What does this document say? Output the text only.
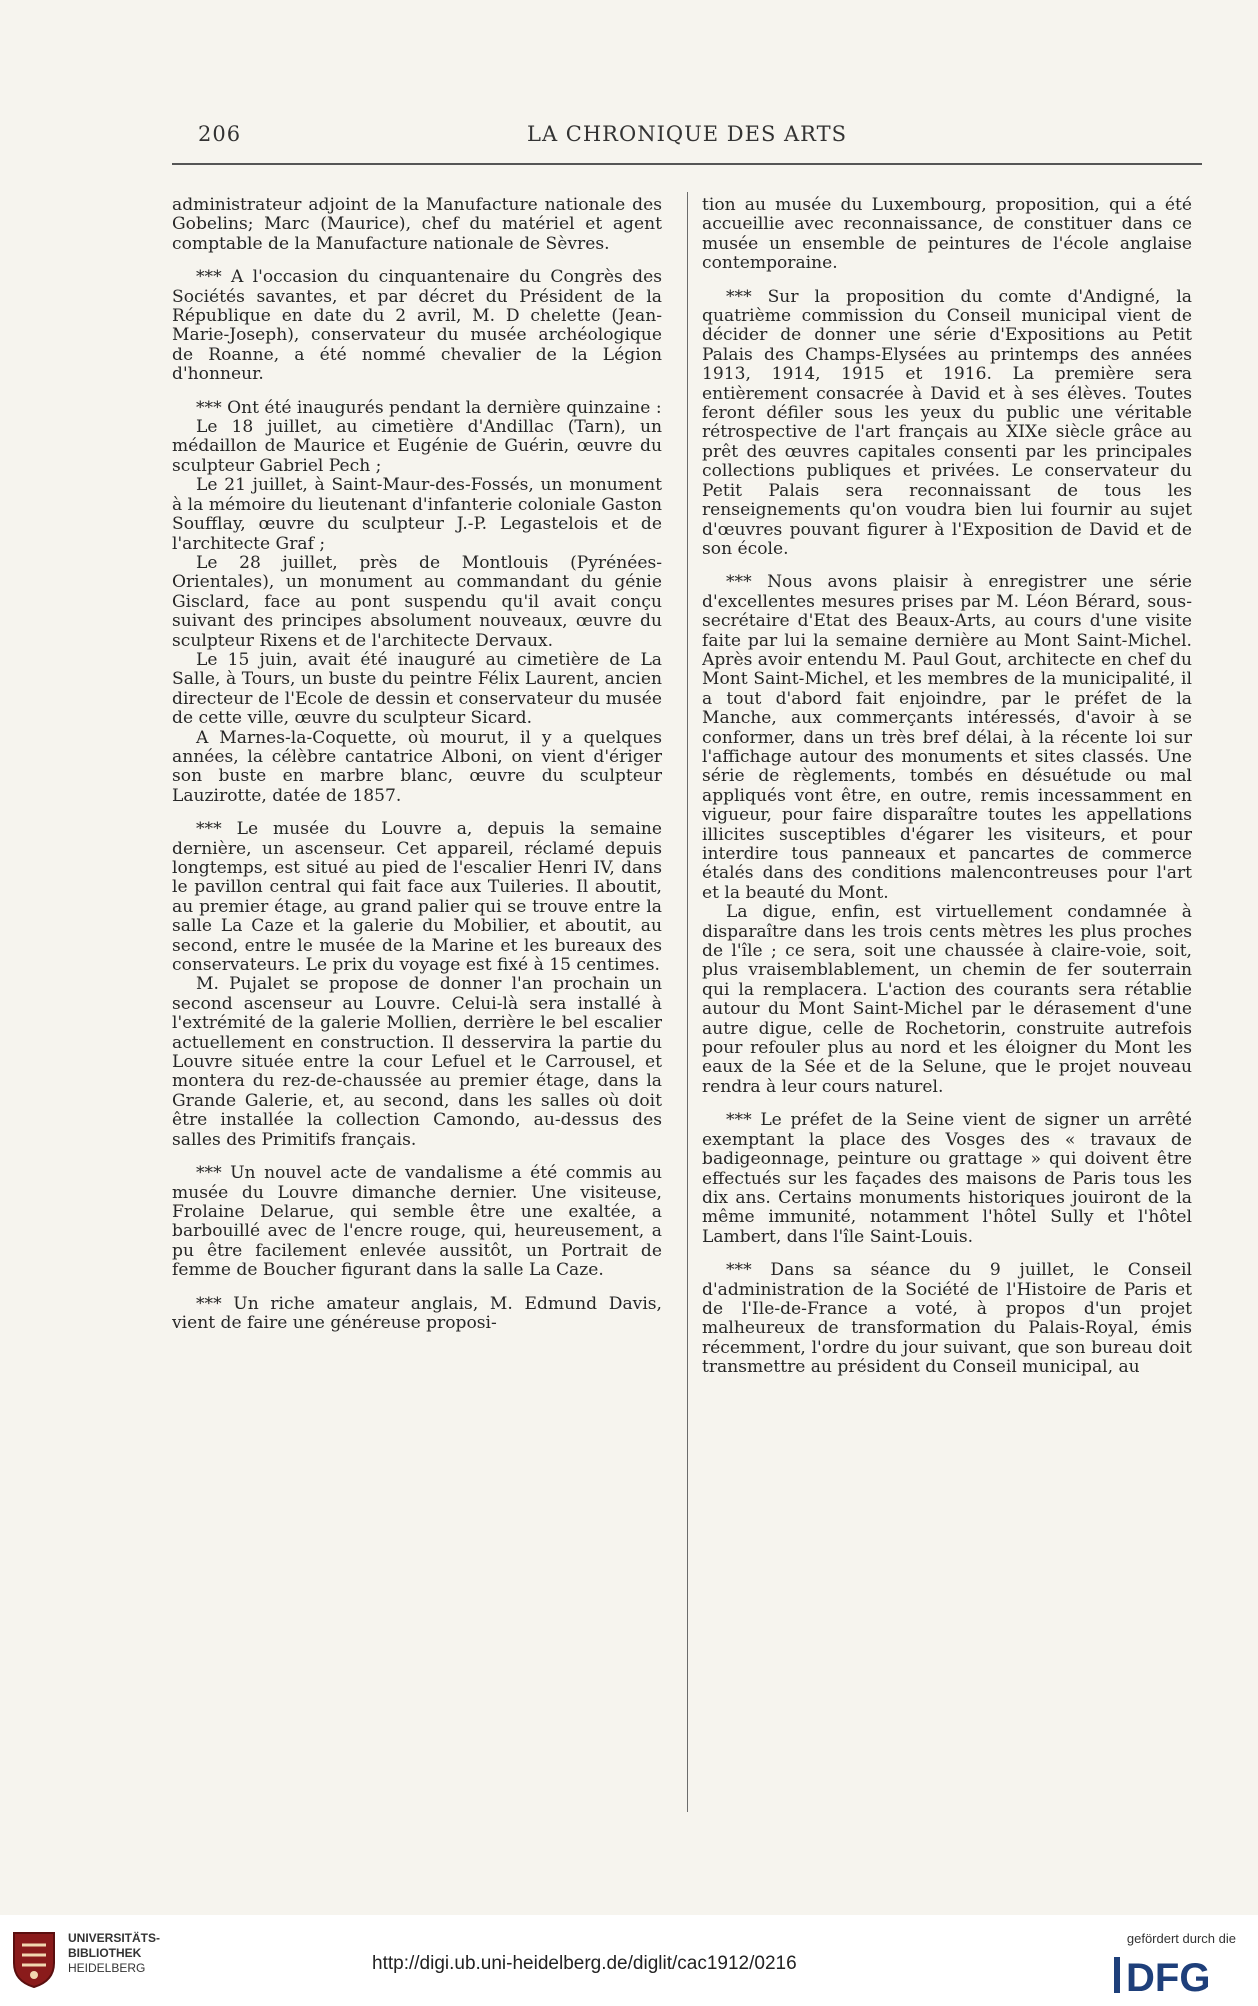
206	LA CHRONIQUE DES ARTS

administrateur adjoint de la Manufacture nationale des Gobelins; Marc (Maurice), chef du matériel et agent comptable de la Manufacture nationale de Sèvres.

*** A l'occasion du cinquantenaire du Congrès des Sociétés savantes, et par décret du Président de la République en date du 2 avril, M. D chelette (Jean-Marie-Joseph), conservateur du musée archéologique de Roanne, a été nommé chevalier de la Légion d'honneur.

*** Ont été inaugurés pendant la dernière quinzaine :

Le 18 juillet, au cimetière d'Andillac (Tarn), un médaillon de Maurice et Eugénie de Guérin, œuvre du sculpteur Gabriel Pech ;

Le 21 juillet, à Saint-Maur-des-Fossés, un monument à la mémoire du lieutenant d'infanterie coloniale Gaston Soufflay, œuvre du sculpteur J.-P. Legastelois et de l'architecte Graf ;

Le 28 juillet, près de Montlouis (Pyrénées-Orientales), un monument au commandant du génie Gisclard, face au pont suspendu qu'il avait conçu suivant des principes absolument nouveaux, œuvre du sculpteur Rixens et de l'architecte Dervaux.

Le 15 juin, avait été inauguré au cimetière de La Salle, à Tours, un buste du peintre Félix Laurent, ancien directeur de l'Ecole de dessin et conservateur du musée de cette ville, œuvre du sculpteur Sicard.

A Marnes-la-Coquette, où mourut, il y a quelques années, la célèbre cantatrice Alboni, on vient d'ériger son buste en marbre blanc, œuvre du sculpteur Lauzirotte, datée de 1857.

*** Le musée du Louvre a, depuis la semaine dernière, un ascenseur. Cet appareil, réclamé depuis longtemps, est situé au pied de l'escalier Henri IV, dans le pavillon central qui fait face aux Tuileries. Il aboutit, au premier étage, au grand palier qui se trouve entre la salle La Caze et la galerie du Mobilier, et aboutit, au second, entre le musée de la Marine et les bureaux des conservateurs. Le prix du voyage est fixé à 15 centimes.

M. Pujalet se propose de donner l'an prochain un second ascenseur au Louvre. Celui-là sera installé à l'extrémité de la galerie Mollien, derrière le bel escalier actuellement en construction. Il desservira la partie du Louvre située entre la cour Lefuel et le Carrousel, et montera du rez-de-chaussée au premier étage, dans la Grande Galerie, et, au second, dans les salles où doit être installée la collection Camondo, au-dessus des salles des Primitifs français.

*** Un nouvel acte de vandalisme a été commis au musée du Louvre dimanche dernier. Une visiteuse, Frolaine Delarue, qui semble être une exaltée, a barbouillé avec de l'encre rouge, qui, heureusement, a pu être facilement enlevée aussitôt, un Portrait de femme de Boucher figurant dans la salle La Caze.

*** Un riche amateur anglais, M. Edmund Davis, vient de faire une généreuse proposi-

tion au musée du Luxembourg, proposition, qui a été accueillie avec reconnaissance, de constituer dans ce musée un ensemble de peintures de l'école anglaise contemporaine.

*** Sur la proposition du comte d'Andigné, la quatrième commission du Conseil municipal vient de décider de donner une série d'Expositions au Petit Palais des Champs-Elysées au printemps des années 1913, 1914, 1915 et 1916. La première sera entièrement consacrée à David et à ses élèves. Toutes feront défiler sous les yeux du public une véritable rétrospective de l'art français au XIXe siècle grâce au prêt des œuvres capitales consenti par les principales collections publiques et privées. Le conservateur du Petit Palais sera reconnaissant de tous les renseignements qu'on voudra bien lui fournir au sujet d'œuvres pouvant figurer à l'Exposition de David et de son école.

*** Nous avons plaisir à enregistrer une série d'excellentes mesures prises par M. Léon Bérard, sous-secrétaire d'Etat des Beaux-Arts, au cours d'une visite faite par lui la semaine dernière au Mont Saint-Michel. Après avoir entendu M. Paul Gout, architecte en chef du Mont Saint-Michel, et les membres de la municipalité, il a tout d'abord fait enjoindre, par le préfet de la Manche, aux commerçants intéressés, d'avoir à se conformer, dans un très bref délai, à la récente loi sur l'affichage autour des monuments et sites classés. Une série de règlements, tombés en désuétude ou mal appliqués vont être, en outre, remis incessamment en vigueur, pour faire disparaître toutes les appellations illicites susceptibles d'égarer les visiteurs, et pour interdire tous panneaux et pancartes de commerce étalés dans des conditions malencontreuses pour l'art et la beauté du Mont.

La digue, enfin, est virtuellement condamnée à disparaître dans les trois cents mètres les plus proches de l'île ; ce sera, soit une chaussée à claire-voie, soit, plus vraisemblablement, un chemin de fer souterrain qui la remplacera. L'action des courants sera rétablie autour du Mont Saint-Michel par le dérasement d'une autre digue, celle de Rochetorin, construite autrefois pour refouler plus au nord et les éloigner du Mont les eaux de la Sée et de la Selune, que le projet nouveau rendra à leur cours naturel.

*** Le préfet de la Seine vient de signer un arrêté exemptant la place des Vosges des « travaux de badigeonnage, peinture ou grattage » qui doivent être effectués sur les façades des maisons de Paris tous les dix ans. Certains monuments historiques jouiront de la même immunité, notamment l'hôtel Sully et l'hôtel Lambert, dans l'île Saint-Louis.

*** Dans sa séance du 9 juillet, le Conseil d'administration de la Société de l'Histoire de Paris et de l'Ile-de-France a voté, à propos d'un projet malheureux de transformation du Palais-Royal, émis récemment, l'ordre du jour suivant, que son bureau doit transmettre au président du Conseil municipal, au

UNIVERSITÄTS-
BIBLIOTHEK
HEIDELBERG	http://digi.ub.uni-heidelberg.de/diglit/cac1912/0216
gefördert durch die
DFG
